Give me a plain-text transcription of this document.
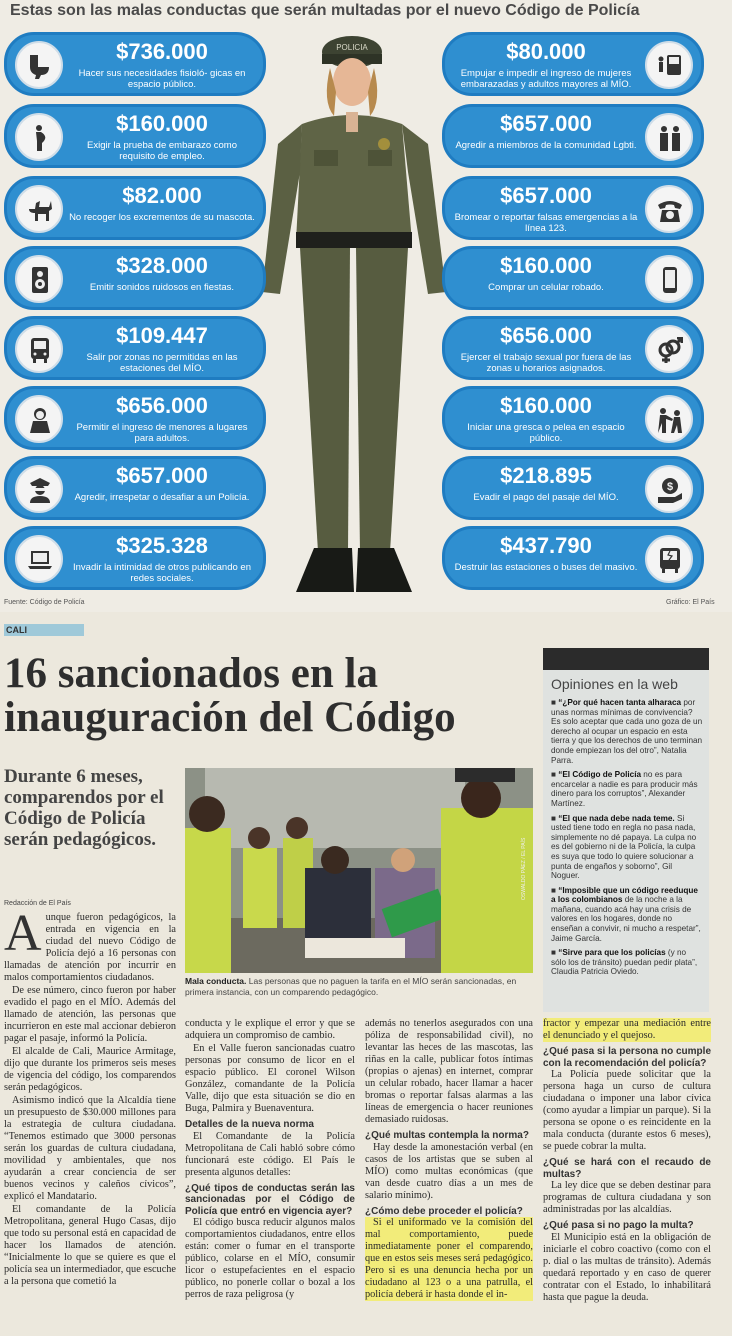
Estas son las malas conductas que serán multadas por el nuevo Código de Policía
POLICIA
$736.000
Hacer sus necesidades fisioló- gicas en espacio público.
$160.000
Exigir la prueba de embarazo como requisito de empleo.
$82.000
No recoger los excrementos de su mascota.
$328.000
Emitir sonidos ruidosos en fiestas.
$109.447
Salir por zonas no permitidas en las estaciones del MÍO.
$656.000
Permitir el ingreso de menores a lugares para adultos.
$657.000
Agredir, irrespetar o desafiar a un Policía.
$325.328
Invadir la intimidad de otros publicando en redes sociales.
$80.000
Empujar e impedir el ingreso de mujeres embarazadas y adultos mayores al MÍO.
$657.000
Agredir a miembros de la comunidad Lgbti.
$657.000
Bromear o reportar falsas emergencias a la línea 123.
$160.000
Comprar un celular robado.
$656.000
Ejercer el trabajo sexual por fuera de las zonas u horarios asignados.
$160.000
Iniciar una gresca o pelea en espacio público.
$
$218.895
Evadir el pago del pasaje del MÍO.
$437.790
Destruir las estaciones o buses del masivo.
Fuente: Código de Policía	Gráfico: El País
CALI
16 sancionados en la inauguración del Código
Durante 6 meses, comparendos por el Código de Policía serán pedagógicos.
Redacción de El País
OSWALDO PÁEZ / EL PAÍS

Mala conducta. Las personas que no paguen la tarifa en el MÍO serán sancionadas, en primera instancia, con un comparendo pedagógico.

Opiniones en la web
■ “¿Por qué hacen tanta alharaca por unas normas mínimas de convivencia? Es solo aceptar que cada uno goza de un derecho al ocupar un espacio en esta tierra y que los derechos de uno terminan donde empiezan los del otro”, Natalia Parra.
■ “El Código de Policía no es para encarcelar a nadie es para producir más dinero para los corruptos”, Alexander Martínez.
■ “El que nada debe nada teme. Si usted tiene todo en regla no pasa nada, simplemente no dé papaya. La culpa no es del gobierno ni de la Policía, la culpa es suya que todo lo quiere solucionar a punta de engaños y soborno”, Gil Noguer.
■ “Imposible que un código reeduque a los colombianos de la noche a la mañana, cuando acá hay una crisis de valores en los hogares, donde no enseñan a convivir, ni mucho a respetar”, Jaime García.
■ “Sirve para que los policías (y no sólo los de tránsito) puedan pedir plata”, Claudia Patricia Oviedo.

Aunque fueron pedagógicos, la entrada en vigencia en la ciudad del nuevo Código de Policía dejó a 16 personas con llamadas de atención por incurrir en malos comportamientos ciudadanos.

De ese número, cinco fueron por haber evadido el pago en el MÍO. Además del llamado de atención, las personas que incurrieron en este mal accionar debieron pagar el pasaje, informó la Policía.

El alcalde de Cali, Maurice Armitage, dijo que durante los primeros seis meses de vigencia del código, los comparendos serán pedagógicos.

Asimismo indicó que la Alcaldía tiene un presupuesto de $30.000 millones para la estrategia de cultura ciudadana. “Tenemos estimado que 3000 personas serán los guardas de cultura ciudadana, movilidad y ambientales, que nos ayudarán a crear conciencia de ser buenos vecinos y caleños cívicos”, explicó el Mandatario.

El comandante de la Policía Metropolitana, general Hugo Casas, dijo que todo su personal está en capacidad de hacer los llamados de atención. “Inicialmente lo que se quiere es que el policía sea un intermediador, que escuche a la persona que cometió la

conducta y le explique el error y que se adquiera un compromiso de cambio.

En el Valle fueron sancionadas cuatro personas por consumo de licor en el espacio público. El coronel Wilson González, comandante de la Policía Valle, dijo que esta situación se dio en Buga, Palmira y Buenaventura.

Detalles de la nueva norma

El Comandante de la Policía Metropolitana de Cali habló sobre cómo funcionará este código. El País le presenta algunos detalles:

¿Qué tipos de conductas serán las sancionadas por el Código de Policía que entró en vigencia ayer?

El código busca reducir algunos malos comportamientos ciudadanos, entre ellos están: comer o fumar en el transporte público, colarse en el MÍO, consumir licor o estupefacientes en el espacio público, no ponerle collar o bozal a los perros de raza peligrosa (y

además no tenerlos asegurados con una póliza de responsabilidad civil), no levantar las heces de las mascotas, las riñas en la calle, publicar fotos íntimas (propias o ajenas) en internet, comprar un celular robado, hacer llamar a hacer bromas o reportar falsas alarmas a las líneas de emergencia o hacer reuniones demasiado ruidosas.

¿Qué multas contempla la norma?

Hay desde la amonestación verbal (en casos de los artistas que se suben al MÍO) como multas económicas (que van desde cuatro días a un mes de salario mínimo).

¿Cómo debe proceder el policía?

Si el uniformado ve la comisión del mal comportamiento, puede inmediatamente poner el comparendo, que en estos seis meses será pedagógico. Pero si es una denuncia hecha por un ciudadano al 123 o a una patrulla, el policía deberá ir hasta donde el in-

fractor y empezar una mediación entre el denunciado y el quejoso.

¿Qué pasa si la persona no cumple con la recomendación del policía?

La Policía puede solicitar que la persona haga un curso de cultura ciudadana o imponer una labor cívica (como ayudar a limpiar un parque). Si la persona se opone o es reincidente en la mala conducta (durante estos 6 meses), se puede cobrar la multa.

¿Qué se hará con el recaudo de multas?

La ley dice que se deben destinar para programas de cultura ciudadana y son administradas por las alcaldías.

¿Qué pasa si no pago la multa?

El Municipio está en la obligación de iniciarle el cobro coactivo (como con el p. dial o las multas de tránsito). Además quedará reportado y en caso de querer contratar con el Estado, lo inhabilitará hasta que pague la deuda.
